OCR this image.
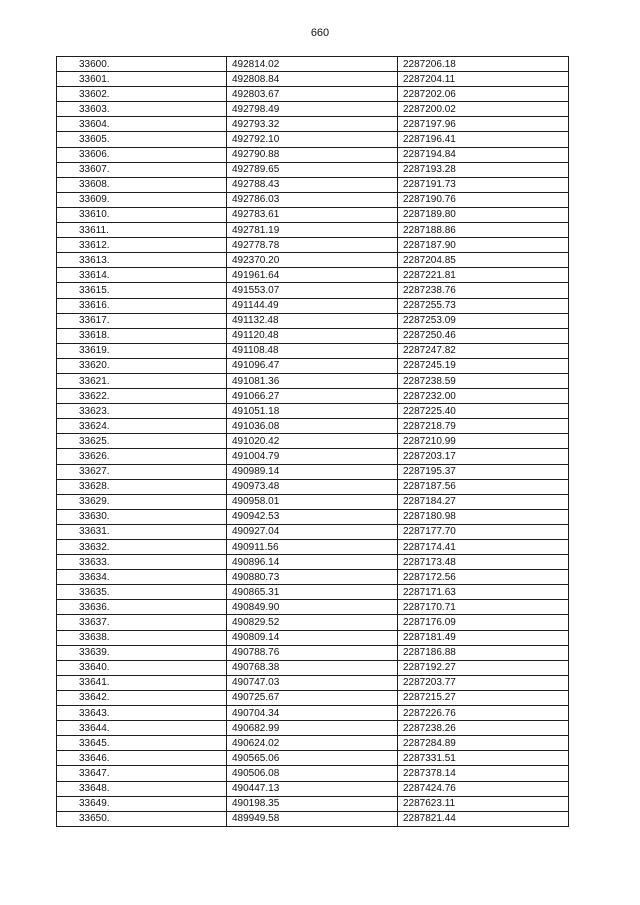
660
33600.	492814.02	2287206.18
33601.	492808.84	2287204.11
33602.	492803.67	2287202.06
33603.	492798.49	2287200.02
33604.	492793.32	2287197.96
33605.	492792.10	2287196.41
33606.	492790.88	2287194.84
33607.	492789.65	2287193.28
33608.	492788.43	2287191.73
33609.	492786.03	2287190.76
33610.	492783.61	2287189.80
33611.	492781.19	2287188.86
33612.	492778.78	2287187.90
33613.	492370.20	2287204.85
33614.	491961.64	2287221.81
33615.	491553.07	2287238.76
33616.	491144.49	2287255.73
33617.	491132.48	2287253.09
33618.	491120.48	2287250.46
33619.	491108.48	2287247.82
33620.	491096.47	2287245.19
33621.	491081.36	2287238.59
33622.	491066.27	2287232.00
33623.	491051.18	2287225.40
33624.	491036.08	2287218.79
33625.	491020.42	2287210.99
33626.	491004.79	2287203.17
33627.	490989.14	2287195.37
33628.	490973.48	2287187.56
33629.	490958.01	2287184.27
33630.	490942.53	2287180.98
33631.	490927.04	2287177.70
33632.	490911.56	2287174.41
33633.	490896.14	2287173.48
33634.	490880.73	2287172.56
33635.	490865.31	2287171.63
33636.	490849.90	2287170.71
33637.	490829.52	2287176.09
33638.	490809.14	2287181.49
33639.	490788.76	2287186.88
33640.	490768.38	2287192.27
33641.	490747.03	2287203.77
33642.	490725.67	2287215.27
33643.	490704.34	2287226.76
33644.	490682.99	2287238.26
33645.	490624.02	2287284.89
33646.	490565.06	2287331.51
33647.	490506.08	2287378.14
33648.	490447.13	2287424.76
33649.	490198.35	2287623.11
33650.	489949.58	2287821.44
